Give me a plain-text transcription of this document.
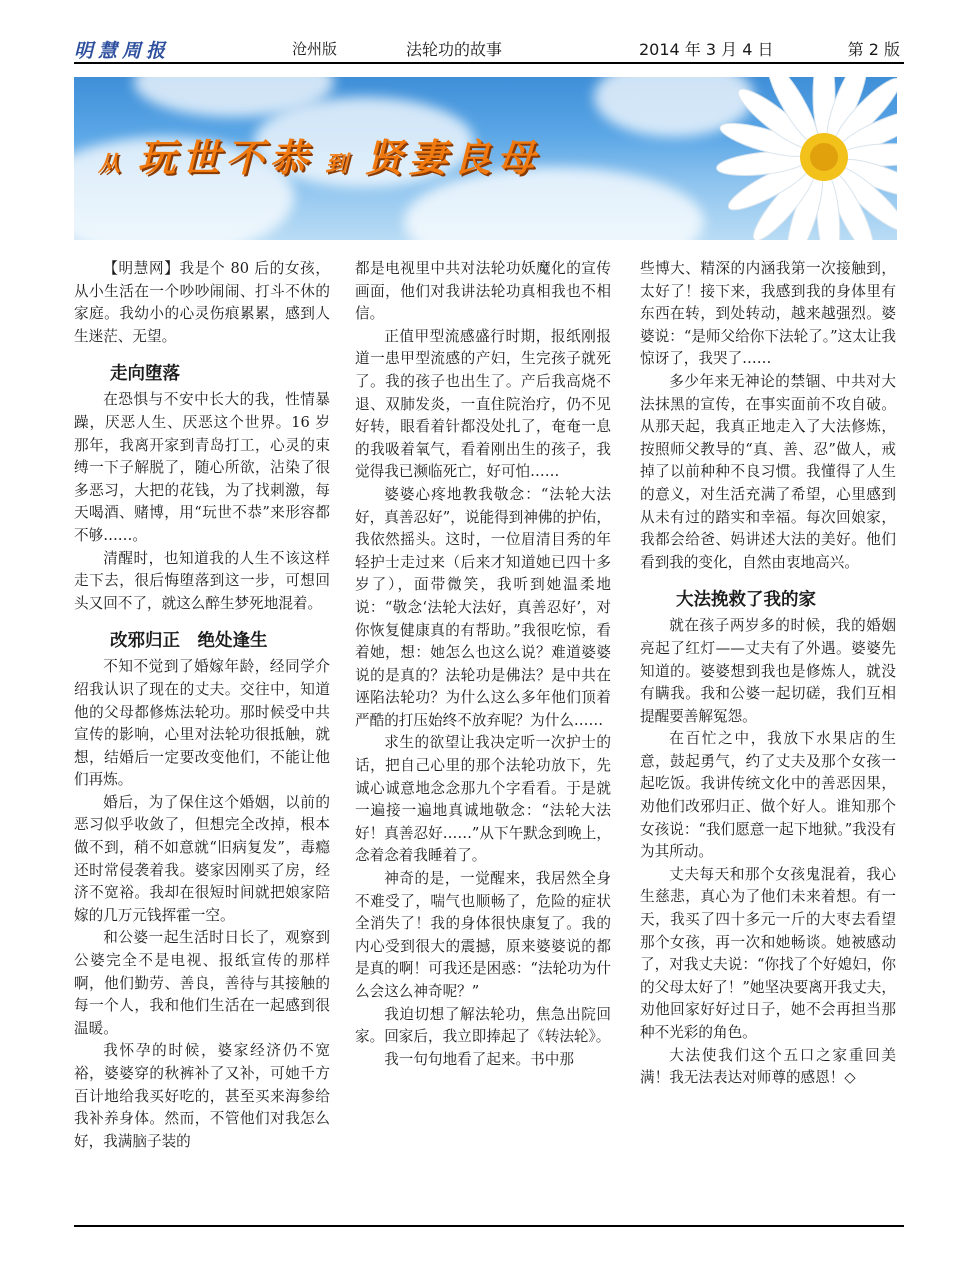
明慧周报	沧州版	法轮功的故事	2014 年 3 月 4 日	第 2 版
从 玩世不恭 到 贤妻良母

【明慧网】我是个 80 后的女孩，从小生活在一个吵吵闹闹、打斗不休的家庭。我幼小的心灵伤痕累累，感到人生迷茫、无望。

走向堕落

在恐惧与不安中长大的我，性情暴躁，厌恶人生、厌恶这个世界。16 岁那年，我离开家到青岛打工，心灵的束缚一下子解脱了，随心所欲，沾染了很多恶习，大把的花钱，为了找刺激，每天喝酒、赌博，用“玩世不恭”来形容都不够……。

清醒时，也知道我的人生不该这样走下去，很后悔堕落到这一步，可想回头又回不了，就这么醉生梦死地混着。

改邪归正　绝处逢生

不知不觉到了婚嫁年龄，经同学介绍我认识了现在的丈夫。交往中，知道他的父母都修炼法轮功。那时候受中共宣传的影响，心里对法轮功很抵触，就想，结婚后一定要改变他们，不能让他们再炼。

婚后，为了保住这个婚姻，以前的恶习似乎收敛了，但想完全改掉，根本做不到，稍不如意就“旧病复发”，毒瘾还时常侵袭着我。婆家因刚买了房，经济不宽裕。我却在很短时间就把娘家陪嫁的几万元钱挥霍一空。

和公婆一起生活时日长了，观察到公婆完全不是电视、报纸宣传的那样啊，他们勤劳、善良，善待与其接触的每一个人，我和他们生活在一起感到很温暖。

我怀孕的时候，婆家经济仍不宽裕，婆婆穿的秋裤补了又补，可她千方百计地给我买好吃的，甚至买来海参给我补养身体。然而，不管他们对我怎么好，我满脑子装的

都是电视里中共对法轮功妖魔化的宣传画面，他们对我讲法轮功真相我也不相信。

正值甲型流感盛行时期，报纸刚报道一患甲型流感的产妇，生完孩子就死了。我的孩子也出生了。产后我高烧不退、双肺发炎，一直住院治疗，仍不见好转，眼看着针都没处扎了，奄奄一息的我吸着氧气，看着刚出生的孩子，我觉得我已濒临死亡，好可怕……

婆婆心疼地教我敬念：“法轮大法好，真善忍好”，说能得到神佛的护佑，我依然摇头。这时，一位眉清目秀的年轻护士走过来（后来才知道她已四十多岁了），面带微笑，我听到她温柔地说：“敬念‘法轮大法好，真善忍好’，对你恢复健康真的有帮助。”我很吃惊，看着她，想：她怎么也这么说？难道婆婆说的是真的？法轮功是佛法？是中共在诬陷法轮功？为什么这么多年他们顶着严酷的打压始终不放弃呢？为什么……

求生的欲望让我决定听一次护士的话，把自己心里的那个法轮功放下，先诚心诚意地念念那九个字看看。于是就一遍接一遍地真诚地敬念：“法轮大法好！真善忍好……”从下午默念到晚上，念着念着我睡着了。

神奇的是，一觉醒来，我居然全身不难受了，喘气也顺畅了，危险的症状全消失了！我的身体很快康复了。我的内心受到很大的震撼，原来婆婆说的都是真的啊！可我还是困惑：“法轮功为什么会这么神奇呢？”

我迫切想了解法轮功，焦急出院回家。回家后，我立即捧起了《转法轮》。

我一句句地看了起来。书中那

些博大、精深的内涵我第一次接触到，太好了！接下来，我感到我的身体里有东西在转，到处转动，越来越强烈。婆婆说：“是师父给你下法轮了。”这太让我惊讶了，我哭了……

多少年来无神论的禁锢、中共对大法抹黑的宣传，在事实面前不攻自破。从那天起，我真正地走入了大法修炼，按照师父教导的“真、善、忍”做人，戒掉了以前种种不良习惯。我懂得了人生的意义，对生活充满了希望，心里感到从未有过的踏实和幸福。每次回娘家，我都会给爸、妈讲述大法的美好。他们看到我的变化，自然由衷地高兴。

大法挽救了我的家

就在孩子两岁多的时候，我的婚姻亮起了红灯——丈夫有了外遇。婆婆先知道的。婆婆想到我也是修炼人，就没有瞒我。我和公婆一起切磋，我们互相提醒要善解冤怨。

在百忙之中，我放下水果店的生意，鼓起勇气，约了丈夫及那个女孩一起吃饭。我讲传统文化中的善恶因果，劝他们改邪归正、做个好人。谁知那个女孩说：“我们愿意一起下地狱。”我没有为其所动。

丈夫每天和那个女孩鬼混着，我心生慈悲，真心为了他们未来着想。有一天，我买了四十多元一斤的大枣去看望那个女孩，再一次和她畅谈。她被感动了，对我丈夫说：“你找了个好媳妇，你的父母太好了！”她坚决要离开我丈夫，劝他回家好好过日子，她不会再担当那种不光彩的角色。

大法使我们这个五口之家重回美满！我无法表达对师尊的感恩！◇
